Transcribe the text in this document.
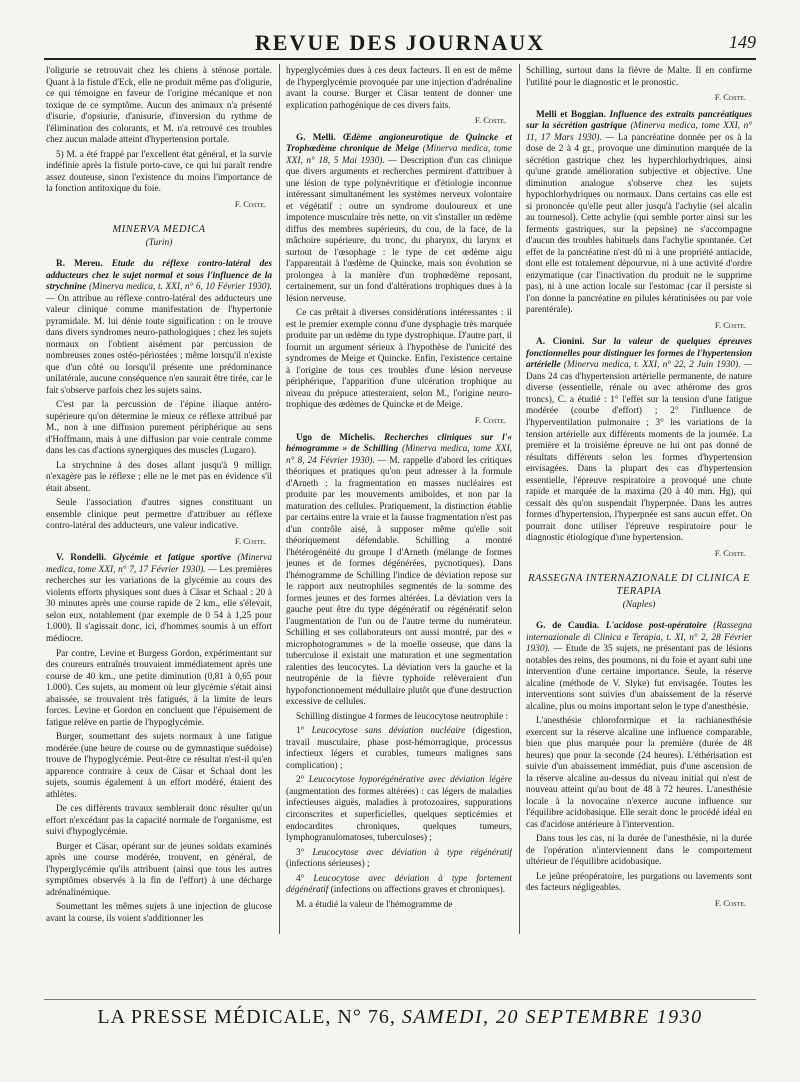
REVUE DES JOURNAUX	149

l'oligurie se retrouvait chez les chiens à sténose portale. Quant à la fistule d'Eck, elle ne produit même pas d'oligurie, ce qui témoigne en faveur de l'origine mécanique et non toxique de ce symptôme. Aucun des animaux n'a présenté d'isurie, d'opsiurie, d'anisurie, d'inversion du rythme de l'élimination des colorants, et M. n'a retrouvé ces troubles chez aucun malade atteint d'hypertension portale.

5) M. a été frappé par l'excellent état général, et la survie indéfinie après la fistule porto-cave, ce qui lui paraît rendre assez douteuse, sinon l'existence du moins l'importance de la fonction antitoxique du foie.

F. Coste.

MINERVA MEDICA

(Turin)

R. Mereu. Etude du réflexe contro-latéral des adducteurs chez le sujet normal et sous l'influence de la strychnine (Minerva medica, t. XXI, n° 6, 10 Février 1930). — On attribue au réflexe contro-latéral des adducteurs une valeur clinique comme manifestation de l'hypertonie pyramidale. M. lui dénie toute signification : on le trouve dans divers syndromes neuro-pathologiques ; chez les sujets normaux on l'obtient aisément par percussion de nombreuses zones ostéo-périostées ; même lorsqu'il n'existe que d'un côté ou lorsqu'il présente une prédominance unilatérale, aucune conséquence n'en saurait être tirée, car le fait s'observe parfois chez les sujets sains.

C'est par la percussion de l'épine iliaque antéro-supérieure qu'on détermine le mieux ce réflexe attribué par M., non à une diffusion purement périphérique au sens d'Hoffmann, mais à une diffusion par voie centrale comme dans les cas d'actions synergiques des muscles (Lugaro).

La strychnine à des doses allant jusqu'à 9 milligr. n'exagère pas le réflexe ; elle ne le met pas en évidence s'il était absent.

Seule l'association d'autres signes constituant un ensemble clinique peut permettre d'attribuer au réflexe contro-latéral des adducteurs, une valeur indicative.

F. Coste.

V. Rondelli. Glycémie et fatigue sportive (Minerva medica, tome XXI, n° 7, 17 Février 1930). — Les premières recherches sur les variations de la glycémie au cours des violents efforts physiques sont dues à Cäsar et Schaal : 20 à 30 minutes après une course rapide de 2 km., elle s'élevait, selon eux, notablement (par exemple de 0 54 à 1,25 pour 1.000). Il s'agissait donc, ici, d'hommes soumis à un effort médiocre.

Par contre, Levine et Burgess Gordon, expérimentant sur des coureurs entraînés trouvaient immédiatement après une course de 40 km., une petite diminution (0,81 à 0,65 pour 1.000). Ces sujets, au moment où leur glycémie s'était ainsi abaissée, se trouvaient très fatigués, à la limite de leurs forces. Levine et Gordon en concluent que l'épuisement de fatigue relève en partie de l'hypoglycémie.

Burger, soumettant des sujets normaux à une fatigue modérée (une heure de course ou de gymnastique suédoise) trouve de l'hypoglycémie. Peut-être ce résultat n'est-il qu'en apparence contraire à ceux de Cäsar et Schaal dont les sujets, soumis également à un effort modéré, étaient des athlètes.

De ces différents travaux semblerait donc résulter qu'un effort n'excédant pas la capacité normale de l'organisme, est suivi d'hypoglycémie.

Burger et Cäsar, opérant sur de jeunes soldats examinés après une course modérée, trouvent, en général, de l'hyperglycémie qu'ils attribuent (ainsi que tous les autres symptômes observés à la fin de l'effort) à une décharge adrénalinémique.

Soumettant les mêmes sujets à une injection de glucose avant la course, ils voient s'additionner les

hyperglycémies dues à ces deux facteurs. Il en est de même de l'hyperglycémie provoquée par une injection d'adrénaline avant la course. Burger et Cäsar tentent de donner une explication pathogénique de ces divers faits.

F. Coste.

G. Melli. Œdème angioneurotique de Quincke et Trophœdème chronique de Meige (Minerva medica, tome XXI, n° 18, 5 Mai 1930). — Description d'un cas clinique que divers arguments et recherches permirent d'attribuer à une lésion de type polynévritique et d'étiologie inconnue intéressant simultanément les systèmes nerveux volontaire et végétatif : outre un syndrome douloureux et une impotence musculaire très nette, on vit s'installer un œdème diffus des membres supérieurs, du cou, de la face, de la mâchoire supérieure, du tronc, du pharynx, du larynx et surtout de l'œsophage : le type de cet œdème aigu l'apparentait à l'œdème de Quincke, mais son évolution se prolongea à la manière d'un trophœdème reposant, certainement, sur un fond d'altérations trophiques dues à la lésion nerveuse.

Ce cas prêtait à diverses considérations intéressantes : il est le premier exemple connu d'une dysphagie très marquée produite par un œdème du type dystrophique. D'autre part, il fournit un argument sérieux à l'hypothèse de l'unicité des syndromes de Meige et Quincke. Enfin, l'existence certaine à l'origine de tous ces troubles d'une lésion nerveuse périphérique, l'apparition d'une ulcération trophique au niveau du prépuce attesteraient, selon M., l'origine neuro-trophique des œdèmes de Quincke et de Meige.

F. Coste.

Ugo de Michelis. Recherches cliniques sur l'« hémogramme » de Schilling (Minerva medica, tome XXI, n° 8, 24 Février 1930). — M. rappelle d'abord les critiques théoriques et pratiques qu'on peut adresser à la formule d'Arneth : la fragmentation en masses nucléaires est produite par les mouvements amiboïdes, et non par la maturation des cellules. Pratiquement, la distinction établie par certains entre la vraie et la fausse fragmentation n'est pas d'un contrôle aisé, à supposer même qu'elle soit théoriquement défendable. Schilling a montré l'hétérogénéité du groupe I d'Arneth (mélange de formes jeunes et de formes dégénérées, pycnotiques). Dans l'hémogramme de Schilling l'indice de déviation repose sur le rapport aux neutrophiles segmentés de la somme des formes jeunes et des formes altérées. La déviation vers la gauche peut être du type dégénératif ou régénératif selon l'augmentation de l'un ou de l'autre terme du numérateur. Schilling et ses collaborateurs ont aussi montré, par des « microphotogrammes » de la moelle osseuse, que dans la tuberculose il existait une maturation et une segmentation ralenties des leucocytes. La déviation vers la gauche et la neutropénie de la fièvre typhoïde relèveraient d'un hypofonctionnement médullaire plutôt que d'une destruction excessive de cellules.

Schilling distingue 4 formes de leucocytose neutrophile :

1° Leucocytose sans déviation nucléaire (digestion, travail musculaire, phase post-hémorragique, processus infectieux légers et curables, tumeurs malignes sans complication) ;

2° Leucocytose hyporégénérative avec déviation légère (augmentation des formes altérées) : cas légers de maladies infectieuses aiguës, maladies à protozoaires, suppurations circonscrites et superficielles, quelques septicémies et endocardites chroniques, quelques tumeurs, lymphogranulomatoses, tuberculoses) ;

3° Leucocytose avec déviation à type régénératif (infections sérieuses) ;

4° Leucocytose avec déviation à type fortement dégénératif (infections ou affections graves et chroniques).

M. a étudié la valeur de l'hémogramme de

Schilling, surtout dans la fièvre de Malte. Il en confirme l'utilité pour le diagnostic et le pronostic.

F. Coste.

Melli et Boggian. Influence des extraits pancréatiques sur la sécrétion gastrique (Minerva medica, tome XXI, n° 11, 17 Mars 1930). — La pancréatine donnée per os à la dose de 2 à 4 gr., provoque une diminution marquée de la sécrétion gastrique chez les hyperchlorhydriques, ainsi qu'une grande amélioration subjective et objective. Une diminution analogue s'observe chez les sujets hypochlorhydriques ou normaux. Dans certains cas elle est si prononcée qu'elle peut aller jusqu'à l'achylie (sel alcalin au tournesol). Cette achylie (qui semble porter ainsi sur les ferments gastriques, sur la pepsine) ne s'accompagne d'aucun des troubles habituels dans l'achylie spontanée. Cet effet de la pancréatine n'est dû ni à une propriété antiacide, dont elle est totalement dépourvue, ni à une activité d'ordre enzymatique (car l'inactivation du produit ne le supprime pas), ni à une action locale sur l'estomac (car il persiste si l'on donne la pancréatine en pilules kératinisées ou par voie parentérale).

F. Coste.

A. Cionini. Sur la valeur de quelques épreuves fonctionnelles pour distinguer les formes de l'hypertension artérielle (Minerva medica, t. XXI, n° 22, 2 Juin 1930). — Dans 24 cas d'hypertension artérielle permanente, de nature diverse (essentielle, rénale ou avec athérome des gros troncs), C. a étudié : 1° l'effet sur la tension d'une fatigue modérée (courbe d'effort) ; 2° l'influence de l'hyperventilation pulmonaire ; 3° les variations de la tension artérielle aux différents moments de la journée. La première et la troisième épreuve ne lui ont pas donné de résultats différents selon les formes d'hypertension envisagées. Dans la plupart des cas d'hypertension essentielle, l'épreuve respiratoire a provoqué une chute rapide et marquée de la maxima (20 à 40 mm. Hg), qui cessait dès qu'on suspendait l'hyperpnée. Dans les autres formes d'hypertension, l'hyperpnée est sans aucun effet. On pourrait donc utiliser l'épreuve respiratoire pour le diagnostic étiologique d'une hypertension.

F. Coste.

RASSEGNA INTERNAZIONALE DI CLINICA E TERAPIA

(Naples)

G. de Caudia. L'acidose post-opératoire (Rassegna internazionale di Clinica e Terapia, t. XI, n° 2, 28 Février 1930). — Etude de 35 sujets, ne présentant pas de lésions notables des reins, des poumons, ni du foie et ayant subi une intervention d'une certaine importance. Seule, la réserve alcaline (méthode de V. Slyke) fut envisagée. Toutes les interventions sont suivies d'un abaissement de la réserve alcaline, plus ou moins important selon le type d'anesthésie.

L'anesthésie chloroformique et la rachianesthésie exercent sur la réserve alcaline une influence comparable, bien que plus marquée pour la première (durée de 48 heures) que pour la seconde (24 heures). L'éthérisation est suivie d'un abaissement immédiat, puis d'une ascension de la réserve alcaline au-dessus du niveau initial qui n'est de nouveau atteint qu'au bout de 48 à 72 heures. L'anesthésie locale à la novocaïne n'exerce aucune influence sur l'équilibre acidobasique. Elle serait donc le procédé idéal en cas d'acidose antérieure à l'intervention.

Dans tous les cas, ni la durée de l'anesthésie, ni la durée de l'opération n'interviennent dans le comportement ultérieur de l'équilibre acidobasique.

Le jeûne préopératoire, les purgations ou lavements sont des facteurs négligeables.

F. Coste.

LA PRESSE MÉDICALE, N° 76, SAMEDI, 20 SEPTEMBRE 1930
